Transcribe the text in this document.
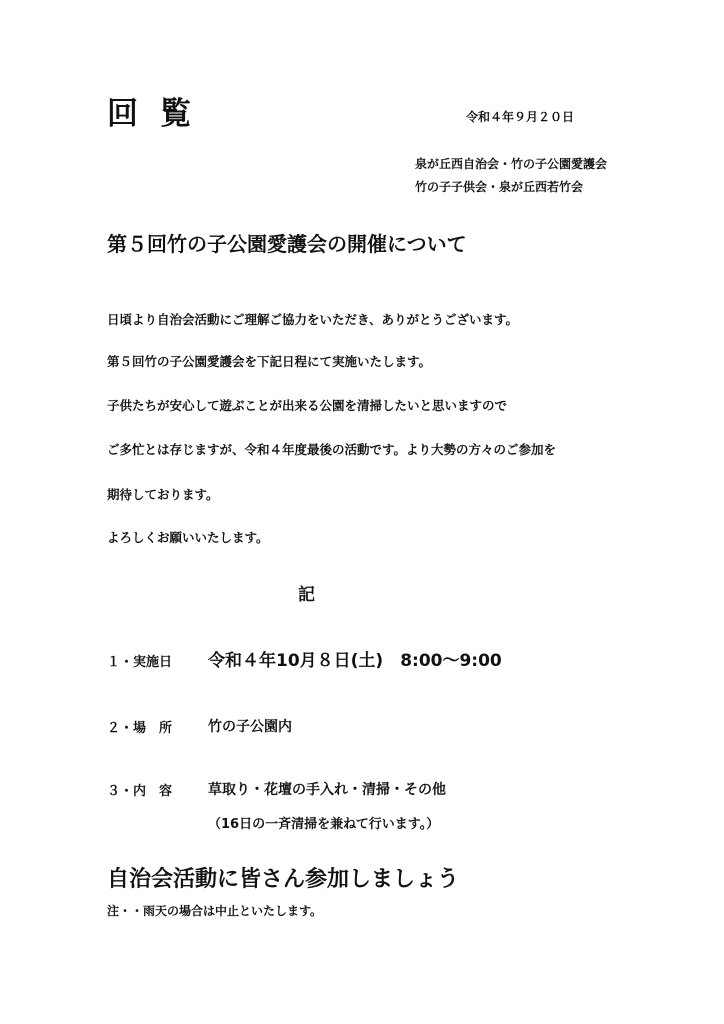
回覧	令和４年９月２０日

泉が丘西自治会・竹の子公園愛護会

竹の子子供会・泉が丘西若竹会

第５回竹の子公園愛護会の開催について

日頃より自治会活動にご理解ご協力をいただき、ありがとうございます。

第５回竹の子公園愛護会を下記日程にて実施いたします。

子供たちが安心して遊ぶことが出来る公園を清掃したいと思いますので

ご多忙とは存じますが、令和４年度最後の活動です。より大勢の方々のご参加を

期待しております。

よろしくお願いいたします。

記

１・実施日 令和４年10月８日(土)　8:00～9:00

２・場　所	竹の子公園内

３・内　容	草取り・花壇の手入れ・清掃・その他

（16日の一斉清掃を兼ねて行います。）

自治会活動に皆さん参加しましょう

注・・雨天の場合は中止といたします。
